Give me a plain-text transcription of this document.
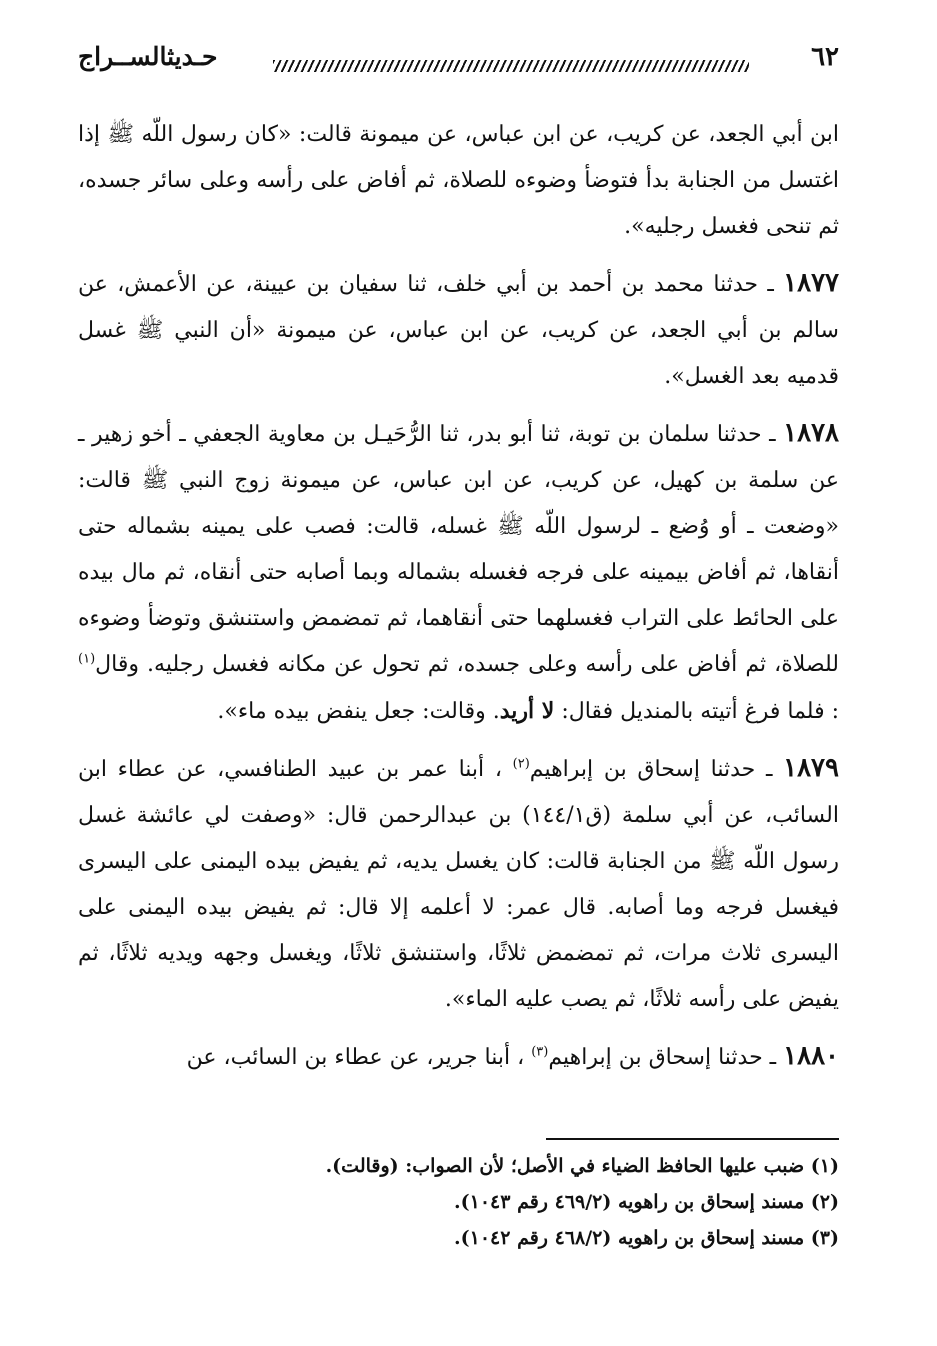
٦٢
حـديثالســراج

ابن أبي الجعد، عن كريب، عن ابن عباس، عن ميمونة قالت: «كان رسول اللّه ﷺ إذا اغتسل من الجنابة بدأ فتوضأ وضوءه للصلاة، ثم أفاض على رأسه وعلى سائر جسده، ثم تنحى فغسل رجليه».

١٨٧٧ ـ حدثنا محمد بن أحمد بن أبي خلف، ثنا سفيان بن عيينة، عن الأعمش، عن سالم بن أبي الجعد، عن كريب، عن ابن عباس، عن ميمونة «أن النبي ﷺ غسل قدميه بعد الغسل».

١٨٧٨ ـ حدثنا سلمان بن توبة، ثنا أبو بدر، ثنا الرُّحَيـل بن معاوية الجعفي ـ أخو زهير ـ عن سلمة بن كهيل، عن كريب، عن ابن عباس، عن ميمونة زوج النبي ﷺ قالت: «وضعت ـ أو وُضع ـ لرسول اللّه ﷺ غسله، قالت: فصب على يمينه بشماله حتى أنقاها، ثم أفاض بيمينه على فرجه فغسله بشماله وبما أصابه حتى أنقاه، ثم مال بيده على الحائط على التراب فغسلهما حتى أنقاهما، ثم تمضمض واستنشق وتوضأ وضوءه للصلاة، ثم أفاض على رأسه وعلى جسده، ثم تحول عن مكانه فغسل رجليه. وقال$^{(١)}$ : فلما فرغ أتيته بالمنديل فقال: لا أريد. وقالت: جعل ينفض بيده ماء».

١٨٧٩ ـ حدثنا إسحاق بن إبراهيم$^{(٢)}$ ، أبنا عمر بن عبيد الطنافسي، عن عطاء ابن السائب، عن أبي سلمة (ق١٤٤/١) بن عبدالرحمن قال: «وصفت لي عائشة غسل رسول اللّه ﷺ من الجنابة قالت: كان يغسل يديه، ثم يفيض بيده اليمنى على اليسرى فيغسل فرجه وما أصابه. قال عمر: لا أعلمه إلا قال: ثم يفيض بيده اليمنى على اليسرى ثلاث مرات، ثم تمضمض ثلاثًا، واستنشق ثلاثًا، ويغسل وجهه ويديه ثلاثًا، ثم يفيض على رأسه ثلاثًا، ثم يصب عليه الماء».

١٨٨٠ ـ حدثنا إسحاق بن إبراهيم$^{(٣)}$ ، أبنا جرير، عن عطاء بن السائب، عن

(١) ضبب عليها الحافظ الضياء في الأصل؛ لأن الصواب: (وقالت).

(٢) مسند إسحاق بن راهويه (٤٦٩/٢ رقم ١٠٤٣).

(٣) مسند إسحاق بن راهويه (٤٦٨/٢ رقم ١٠٤٢).
